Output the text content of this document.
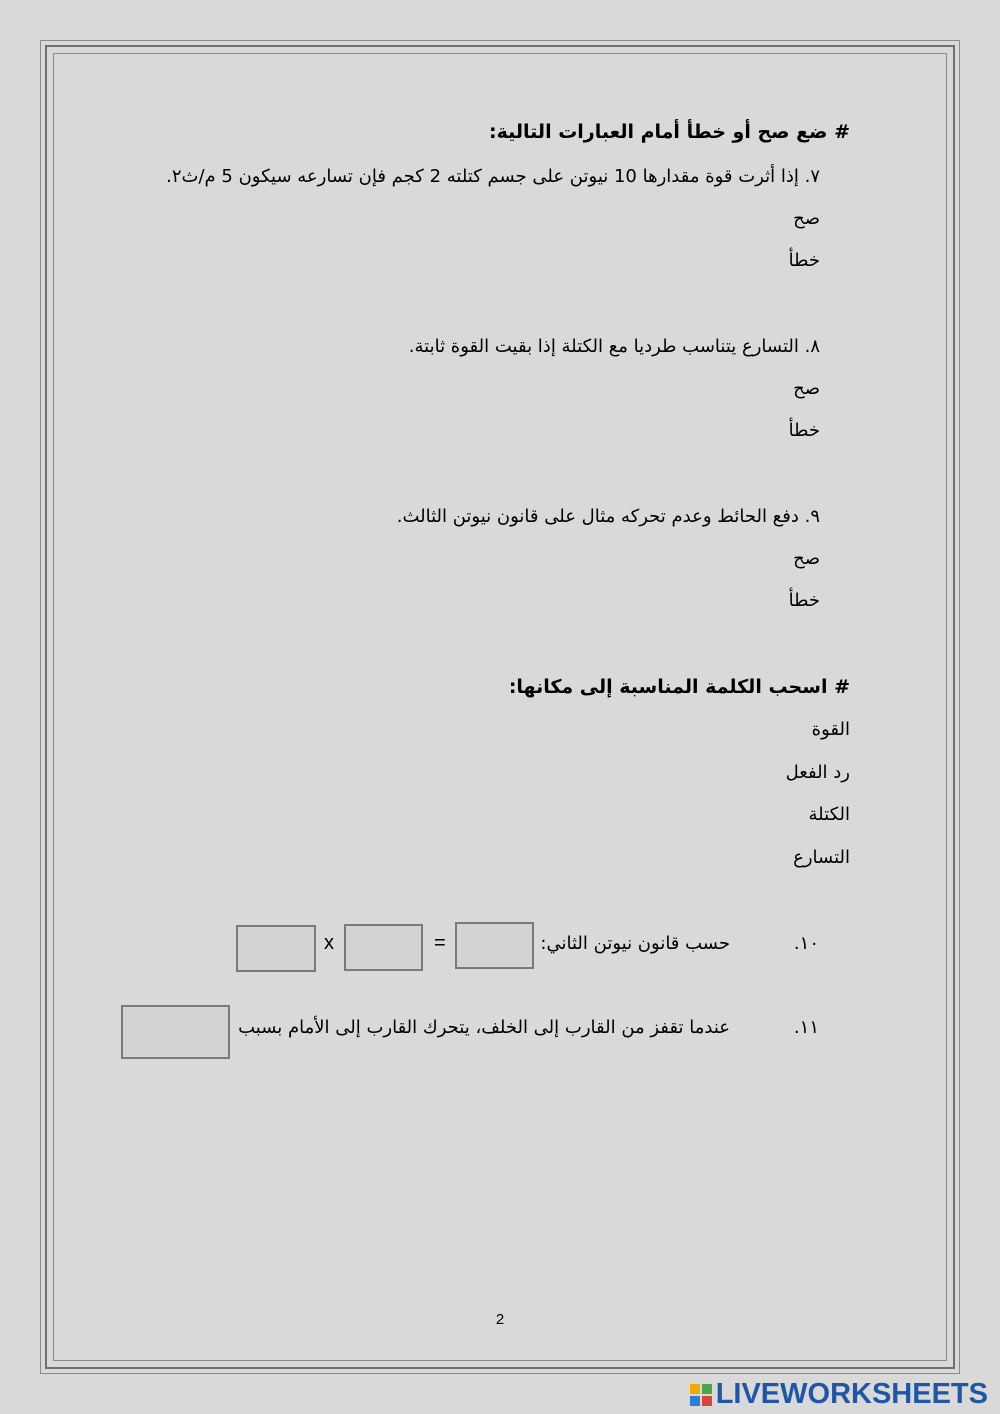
# ضع صح أو خطأ أمام العبارات التالية:
٧. إذا أثرت قوة مقدارها 10 نيوتن على جسم كتلته 2 كجم فإن تسارعه سيكون 5 م/ث٢.
صح
خطأ
٨. التسارع يتناسب طرديا مع الكتلة إذا بقيت القوة ثابتة.
صح
خطأ
٩. دفع الحائط وعدم تحركه مثال على قانون نيوتن الثالث.
صح
خطأ
# اسحب الكلمة المناسبة إلى مكانها:
القوة
رد الفعل
الكتلة
التسارع
١٠.
حسب قانون نيوتن الثاني:
=
x
١١.
عندما تقفز من القارب إلى الخلف، يتحرك القارب إلى الأمام بسبب
2
LIVEWORKSHEETS
